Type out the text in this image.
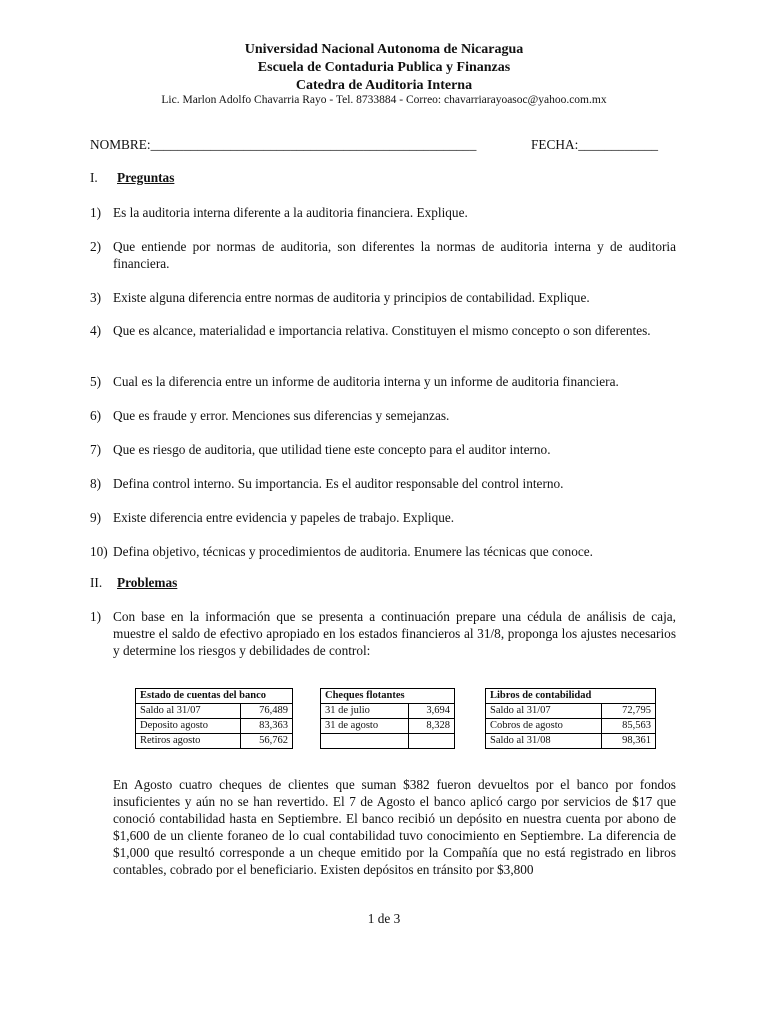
Universidad Nacional Autonoma de Nicaragua
Escuela de Contaduria Publica y Finanzas
Catedra de Auditoria Interna
Lic. Marlon Adolfo Chavarria Rayo - Tel. 8733884 - Correo: chavarriarayoasoc@yahoo.com.mx
NOMBRE:_________________________________________________	FECHA:____________
I. Preguntas
1) Es la auditoria interna diferente a la auditoria financiera. Explique.
2) Que entiende por normas de auditoria, son diferentes la normas de auditoria interna y de auditoria financiera.
3) Existe alguna diferencia entre normas de auditoria y principios de contabilidad. Explique.
4) Que es alcance, materialidad e importancia relativa. Constituyen el mismo concepto o son diferentes.
5) Cual es la diferencia entre un informe de auditoria interna y un informe de auditoria financiera.
6) Que es fraude y error. Menciones sus diferencias y semejanzas.
7) Que es riesgo de auditoria, que utilidad tiene este concepto para el auditor interno.
8) Defina control interno. Su importancia. Es el auditor responsable del control interno.
9) Existe diferencia entre evidencia y papeles de trabajo. Explique.
10) Defina objetivo, técnicas y procedimientos de auditoria. Enumere las técnicas que conoce.
II. Problemas
1) Con base en la información que se presenta a continuación prepare una cédula de análisis de caja, muestre el saldo de efectivo apropiado en los estados financieros al 31/8, proponga los ajustes necesarios y determine los riesgos y debilidades de control:
Estado de cuentas del banco	
Saldo al 31/07	76,489
Deposito agosto	83,363
Retiros agosto	56,762
Cheques flotantes	
31 de julio	3,694
31 de agosto	8,328

Libros de contabilidad	
Saldo al 31/07	72,795
Cobros de agosto	85,563
Saldo al 31/08	98,361
En Agosto cuatro cheques de clientes que suman $382 fueron devueltos por el banco por fondos insuficientes y aún no se han revertido. El 7 de Agosto el banco aplicó cargo por servicios de $17 que conoció contabilidad hasta en Septiembre. El banco recibió un depósito en nuestra cuenta por abono de $1,600 de un cliente foraneo de lo cual contabilidad tuvo conocimiento en Septiembre. La diferencia de $1,000 que resultó corresponde a un cheque emitido por la Compañía que no está registrado en libros contables, cobrado por el beneficiario. Existen depósitos en tránsito por $3,800
1 de 3
